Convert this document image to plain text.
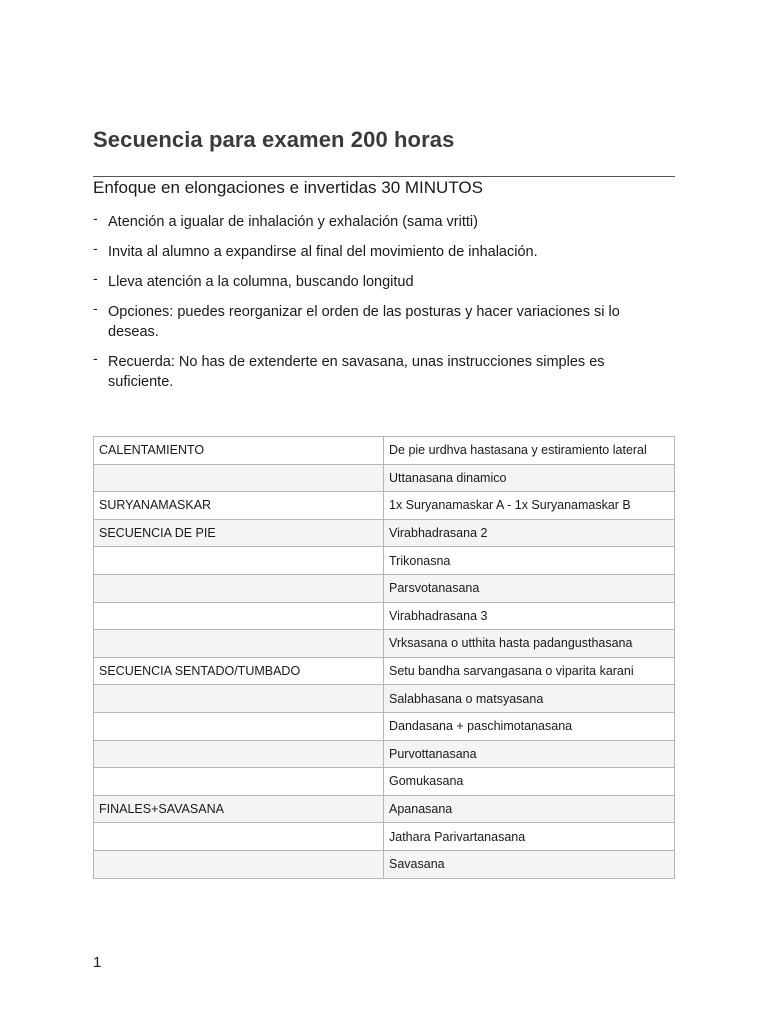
Secuencia para examen 200 horas
Enfoque en elongaciones e invertidas 30 MINUTOS
- Atención a igualar de inhalación y exhalación (sama vritti)
- Invita al alumno a expandirse al final del movimiento de inhalación.
- Lleva atención a la columna, buscando longitud
- Opciones: puedes reorganizar el orden de las posturas y hacer variaciones si lo deseas.
- Recuerda: No has de extenderte en savasana, unas instrucciones simples es suficiente.
CALENTAMIENTO	De pie urdhva hastasana y estiramiento lateral
	Uttanasana dinamico
SURYANAMASKAR	1x Suryanamaskar A - 1x Suryanamaskar B
SECUENCIA DE PIE	Virabhadrasana 2
	Trikonasna
	Parsvotanasana
	Virabhadrasana 3
	Vrksasana o utthita hasta padangusthasana
SECUENCIA SENTADO/TUMBADO	Setu bandha sarvangasana o viparita karani
	Salabhasana o matsyasana
	Dandasana + paschimotanasana
	Purvottanasana
	Gomukasana
FINALES+SAVASANA	Apanasana
	Jathara Parivartanasana
	Savasana
1
